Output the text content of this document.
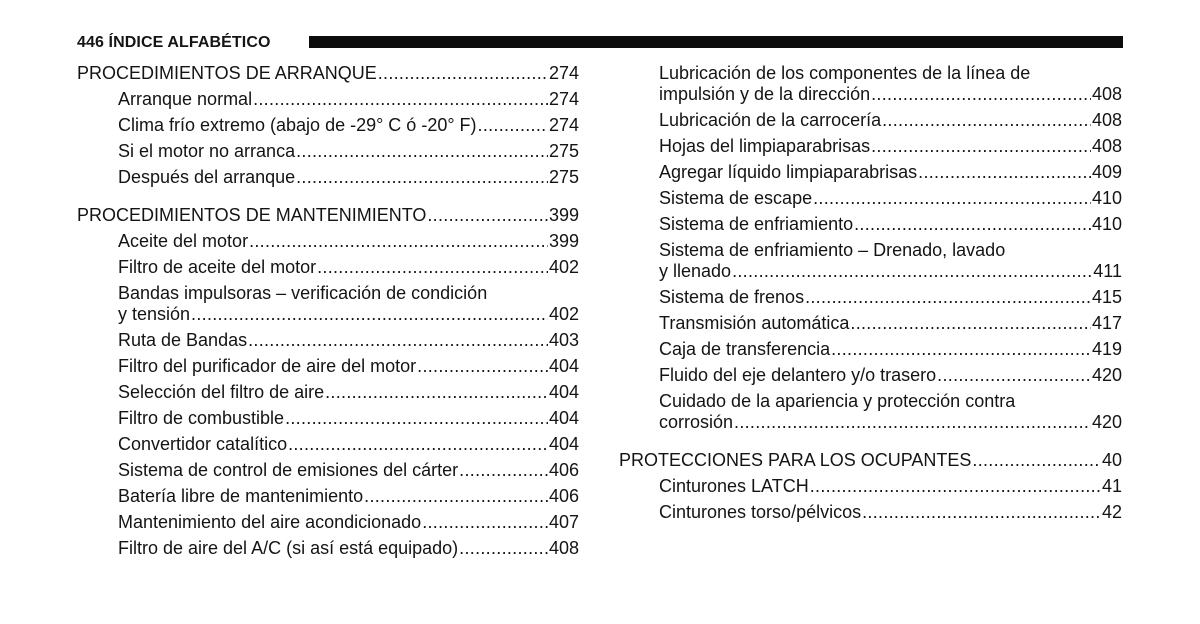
446 ÍNDICE ALFABÉTICO
PROCEDIMIENTOS DE ARRANQUE .....	274
Arranque normal .....	274
Clima frío extremo (abajo de -29° C ó -20° F) .....	274
Si el motor no arranca .....	275
Después del arranque .....	275
PROCEDIMIENTOS DE MANTENIMIENTO .....	399
Aceite del motor .....	399
Filtro de aceite del motor .....	402
Bandas impulsoras – verificación de condición
y tensión .....	402
Ruta de Bandas .....	403
Filtro del purificador de aire del motor .....	404
Selección del filtro de aire .....	404
Filtro de combustible .....	404
Convertidor catalítico .....	404
Sistema de control de emisiones del cárter .....	406
Batería libre de mantenimiento .....	406
Mantenimiento del aire acondicionado .....	407
Filtro de aire del A/C (si así está equipado) .....	408
Lubricación de los componentes de la línea de
impulsión y de la dirección .....	408
Lubricación de la carrocería .....	408
Hojas del limpiaparabrisas .....	408
Agregar líquido limpiaparabrisas .....	409
Sistema de escape .....	410
Sistema de enfriamiento .....	410
Sistema de enfriamiento – Drenado, lavado
y llenado .....	411
Sistema de frenos .....	415
Transmisión automática .....	417
Caja de transferencia .....	419
Fluido del eje delantero y/o trasero .....	420
Cuidado de la apariencia y protección contra
corrosión .....	420
PROTECCIONES PARA LOS OCUPANTES .....	40
Cinturones LATCH .....	41
Cinturones torso/pélvicos .....	42
